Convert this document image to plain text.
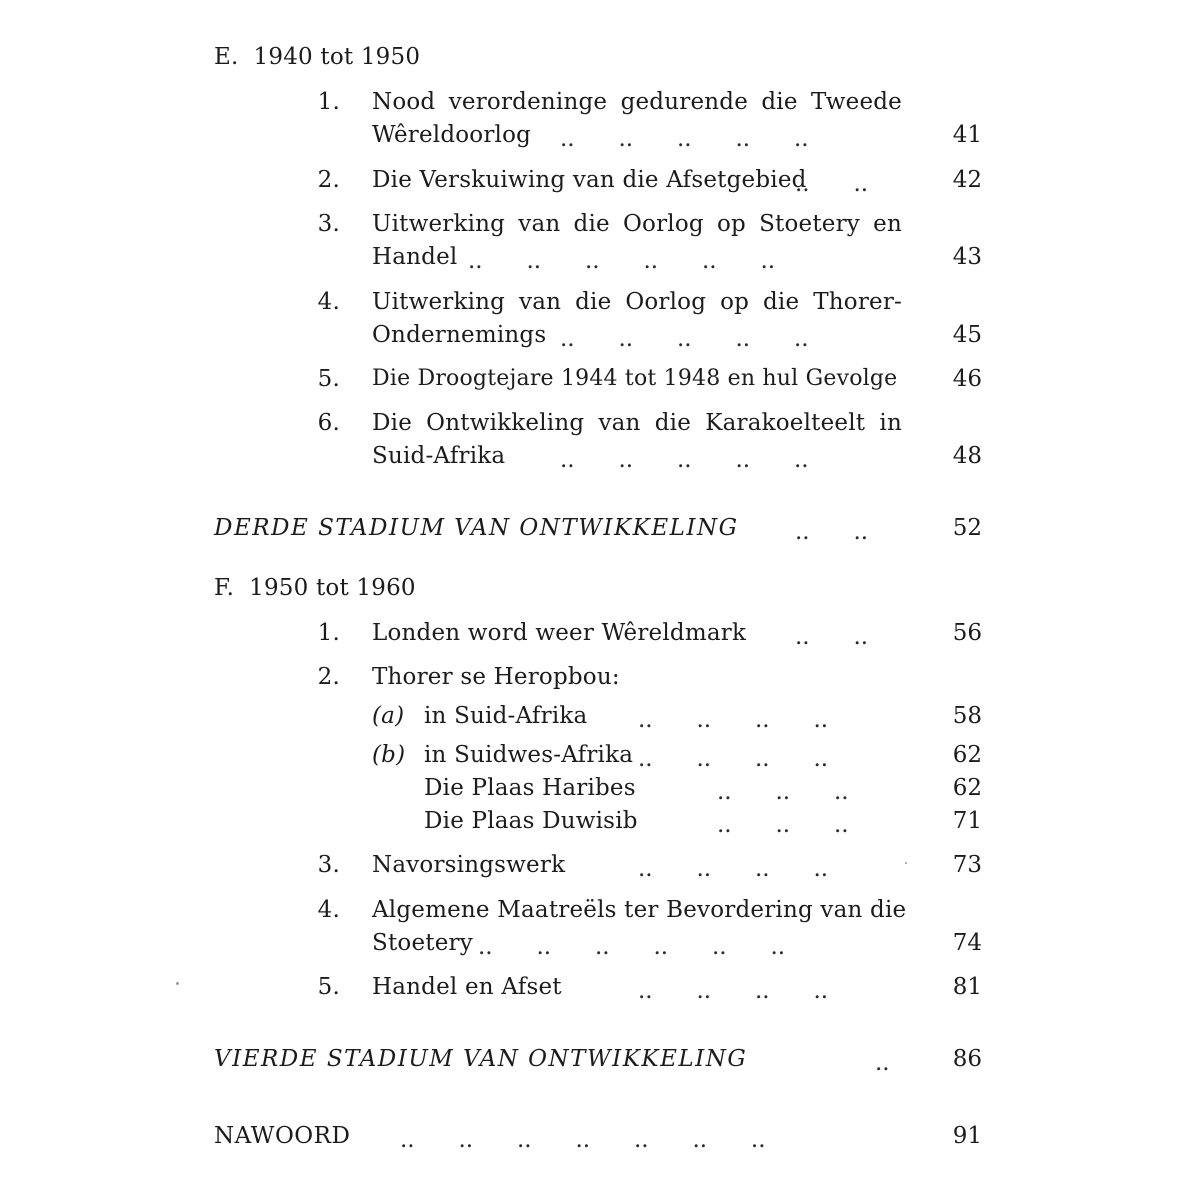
E. 1940 tot 1950
1. Nood verordeninge gedurende die Tweede
Wêreldoorlog ..      ..      ..      ..      ..	41
2. Die Verskuiwing van die Afsetgebied
..      ..	42
3. Uitwerking van die Oorlog op Stoetery en
Handel ..      ..      ..      ..      ..      ..	43
4. Uitwerking van die Oorlog op die Thorer-
Ondernemings ..      ..      ..      ..      ..	45
5. Die Droogtejare 1944 tot 1948 en hul Gevolge	46
6. Die Ontwikkeling van die Karakoelteelt in
Suid-Afrika ..      ..      ..      ..      ..	48
DERDE STADIUM VAN ONTWIKKELING ..      ..	52
F. 1950 tot 1960
1. Londen word weer Wêreldmark ..      ..	56
2. Thorer se Heropbou:
(a) in Suid-Afrika ..      ..      ..      ..	58
(b) in Suidwes-Afrika ..      ..      ..      ..	62
Die Plaas Haribes	..      ..      ..	62
Die Plaas Duwisib	..      ..      ..	71
3. Navorsingswerk	..      ..      ..      ..	73
4. Algemene Maatreëls ter Bevordering van die
Stoetery ..      ..      ..      ..      ..      ..	74
5. Handel en Afset	..      ..      ..      ..	81
VIERDE STADIUM VAN ONTWIKKELING	..	86
NAWOORD ..      ..      ..      ..      ..      ..      ..	91
